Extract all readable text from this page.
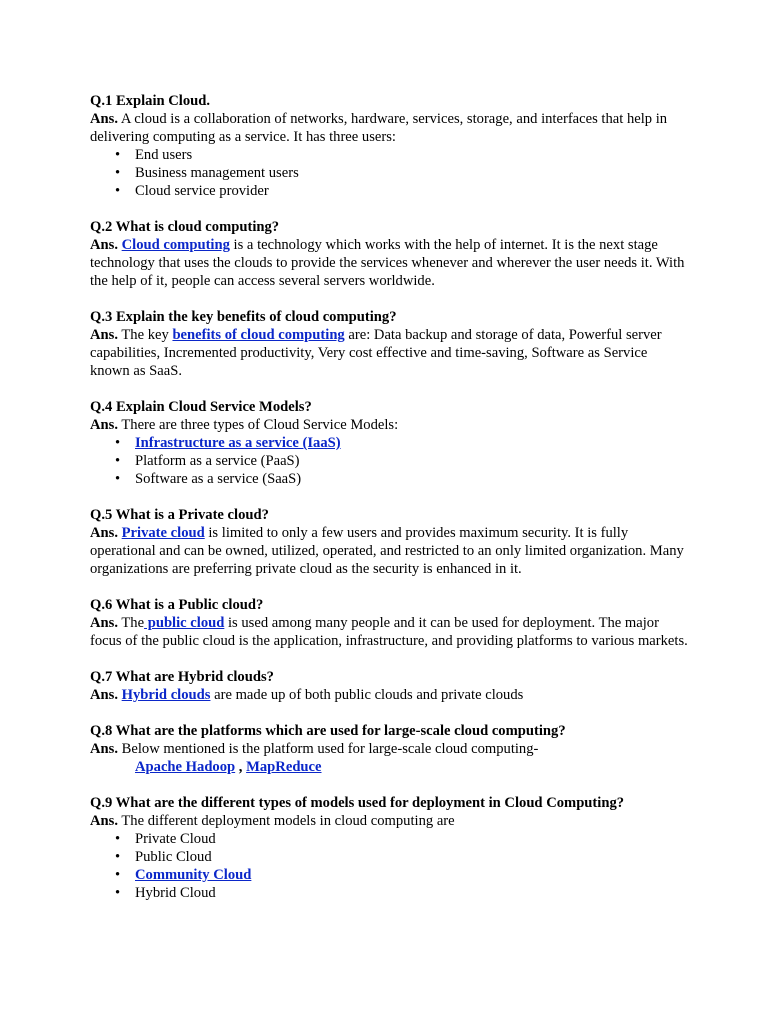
Q.1 Explain Cloud.
Ans. A cloud is a collaboration of networks, hardware, services, storage, and interfaces that help in delivering computing as a service. It has three users:
• End users
• Business management users
• Cloud service provider
Q.2 What is cloud computing?
Ans. Cloud computing is a technology which works with the help of internet. It is the next stage technology that uses the clouds to provide the services whenever and wherever the user needs it. With the help of it, people can access several servers worldwide.
Q.3 Explain the key benefits of cloud computing?
Ans. The key benefits of cloud computing are: Data backup and storage of data, Powerful server capabilities, Incremented productivity, Very cost effective and time-saving, Software as Service known as SaaS.
Q.4 Explain Cloud Service Models?
Ans. There are three types of Cloud Service Models:
• Infrastructure as a service (IaaS)
• Platform as a service (PaaS)
• Software as a service (SaaS)
Q.5 What is a Private cloud?
Ans. Private cloud is limited to only a few users and provides maximum security. It is fully operational and can be owned, utilized, operated, and restricted to an only limited organization. Many organizations are preferring private cloud as the security is enhanced in it.
Q.6 What is a Public cloud?
Ans. The public cloud is used among many people and it can be used for deployment. The major focus of the public cloud is the application, infrastructure, and providing platforms to various markets.
Q.7 What are Hybrid clouds?
Ans. Hybrid clouds are made up of both public clouds and private clouds
Q.8 What are the platforms which are used for large-scale cloud computing?
Ans. Below mentioned is the platform used for large-scale cloud computing-
Apache Hadoop , MapReduce
Q.9 What are the different types of models used for deployment in Cloud Computing?
Ans. The different deployment models in cloud computing are
• Private Cloud
• Public Cloud
• Community Cloud
• Hybrid Cloud
